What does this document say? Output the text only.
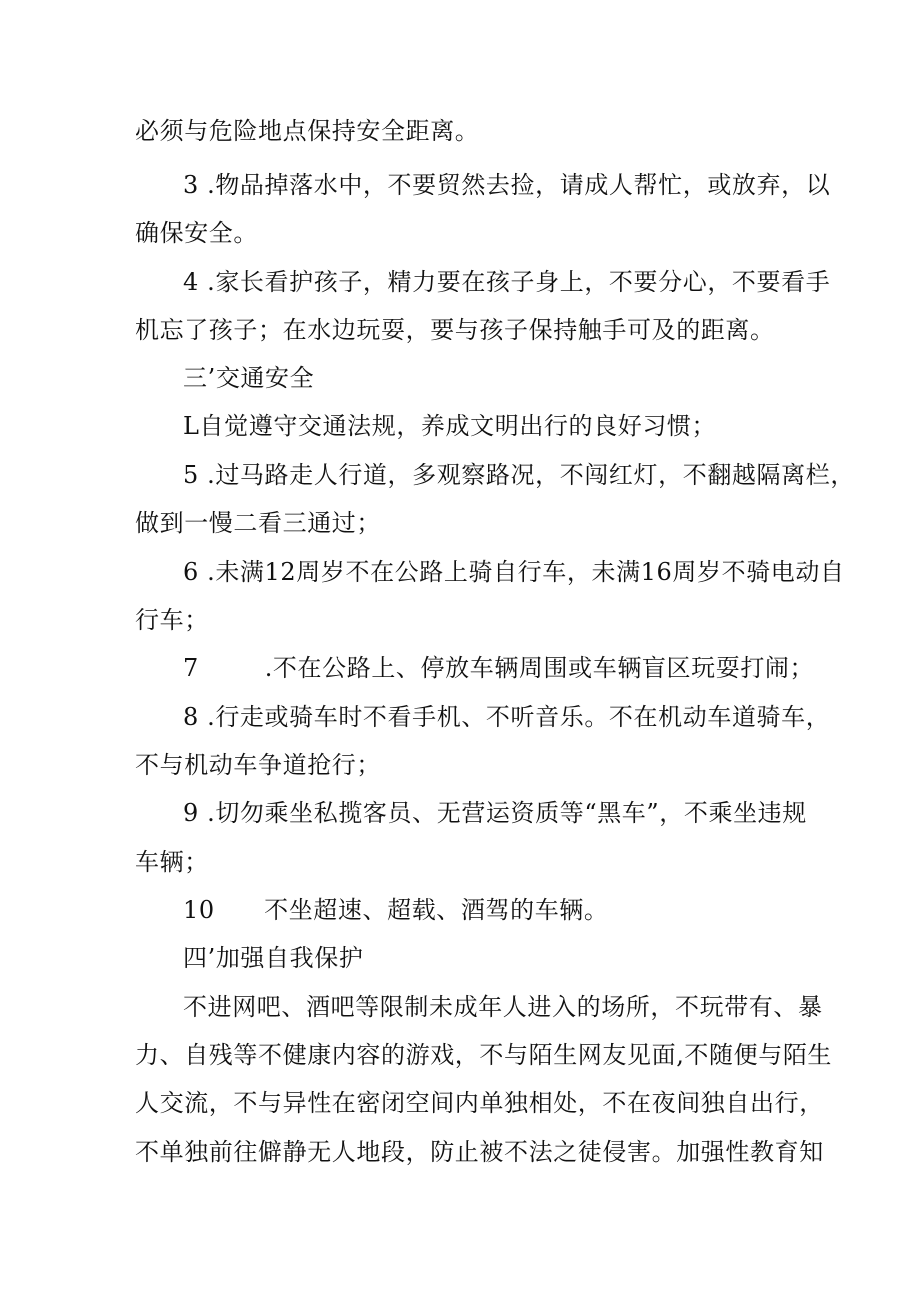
必须与危险地点保持安全距离。
3 .物品掉落水中，不要贸然去捡，请成人帮忙，或放弃，以
确保安全。
4 .家长看护孩子，精力要在孩子身上，不要分心，不要看手
机忘了孩子；在水边玩耍，要与孩子保持触手可及的距离。
三’交通安全
L自觉遵守交通法规，养成文明出行的良好习惯；
5 .过马路走人行道，多观察路况，不闯红灯，不翻越隔离栏，
做到一慢二看三通过；
6 .未满12周岁不在公路上骑自行车，未满16周岁不骑电动自
行车；
7        .不在公路上、停放车辆周围或车辆盲区玩耍打闹；
8 .行走或骑车时不看手机、不听音乐。不在机动车道骑车，
不与机动车争道抢行；
9 .切勿乘坐私揽客员、无营运资质等“黑车”，不乘坐违规
车辆；
10      不坐超速、超载、酒驾的车辆。
四’加强自我保护
不进网吧、酒吧等限制未成年人进入的场所，不玩带有、暴
力、自残等不健康内容的游戏，不与陌生网友见面,不随便与陌生
人交流，不与异性在密闭空间内单独相处，不在夜间独自出行，
不单独前往僻静无人地段，防止被不法之徒侵害。加强性教育知
